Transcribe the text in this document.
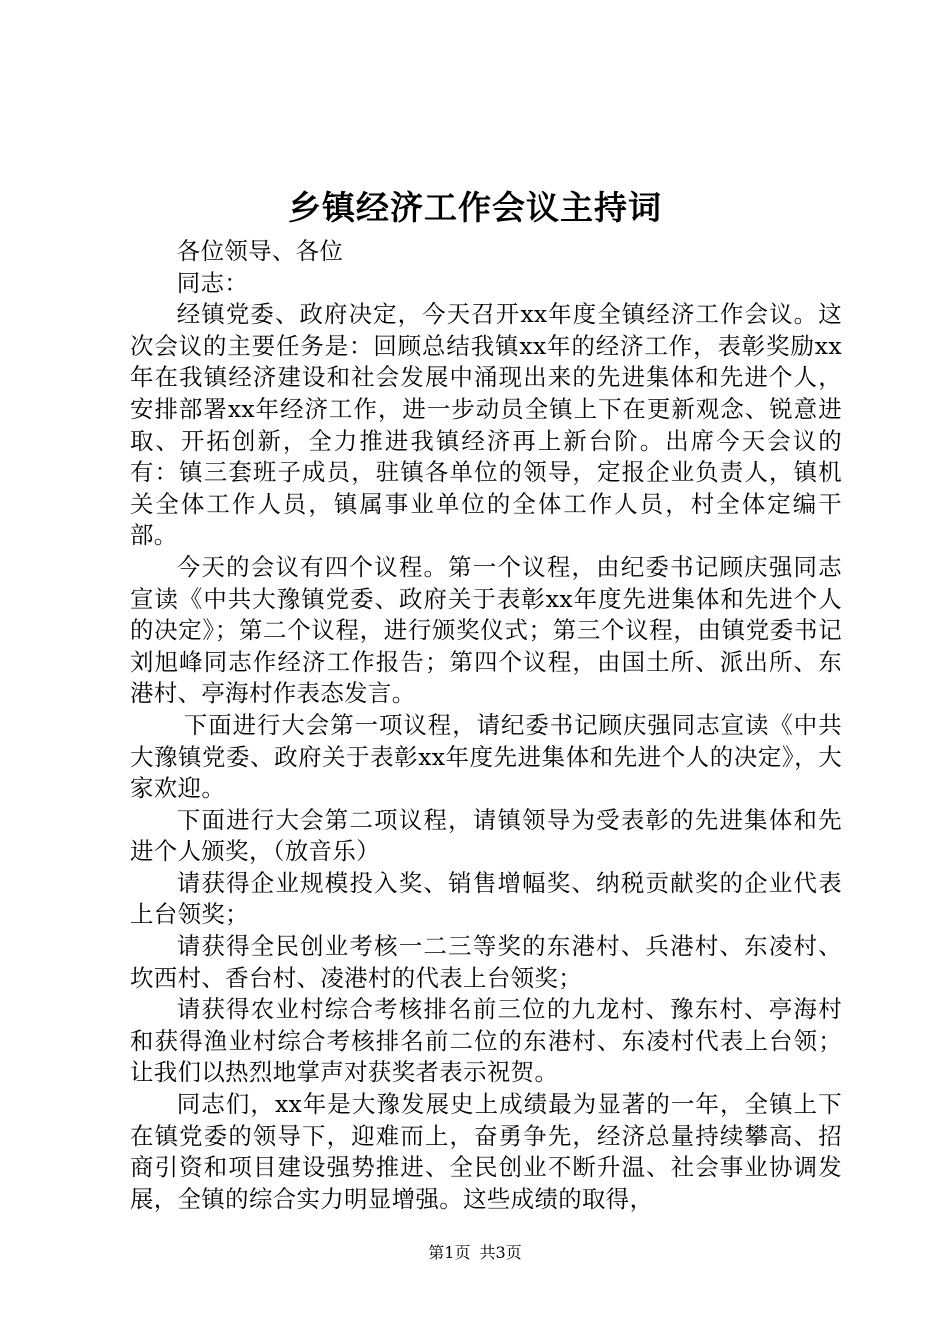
乡镇经济工作会议主持词

各位领导、各位

同志：

经镇党委、政府决定，今天召开xx年度全镇经济工作会议。这次会议的主要任务是：回顾总结我镇xx年的经济工作，表彰奖励xx年在我镇经济建设和社会发展中涌现出来的先进集体和先进个人，安排部署xx年经济工作，进一步动员全镇上下在更新观念、锐意进取、开拓创新，全力推进我镇经济再上新台阶。出席今天会议的有：镇三套班子成员，驻镇各单位的领导，定报企业负责人，镇机关全体工作人员，镇属事业单位的全体工作人员，村全体定编干部。

今天的会议有四个议程。第一个议程，由纪委书记顾庆强同志宣读《中共大豫镇党委、政府关于表彰xx年度先进集体和先进个人的决定》；第二个议程，进行颁奖仪式；第三个议程，由镇党委书记刘旭峰同志作经济工作报告；第四个议程，由国土所、派出所、东港村、亭海村作表态发言。

下面进行大会第一项议程，请纪委书记顾庆强同志宣读《中共大豫镇党委、政府关于表彰xx年度先进集体和先进个人的决定》，大家欢迎。

下面进行大会第二项议程，请镇领导为受表彰的先进集体和先进个人颁奖，（放音乐）

请获得企业规模投入奖、销售增幅奖、纳税贡献奖的企业代表上台领奖；

请获得全民创业考核一二三等奖的东港村、兵港村、东凌村、坎西村、香台村、凌港村的代表上台领奖；

请获得农业村综合考核排名前三位的九龙村、豫东村、亭海村和获得渔业村综合考核排名前二位的东港村、东凌村代表上台领；让我们以热烈地掌声对获奖者表示祝贺。

同志们，xx年是大豫发展史上成绩最为显著的一年，全镇上下在镇党委的领导下，迎难而上，奋勇争先，经济总量持续攀高、招商引资和项目建设强势推进、全民创业不断升温、社会事业协调发展，全镇的综合实力明显增强。这些成绩的取得，

第1页 共3页
